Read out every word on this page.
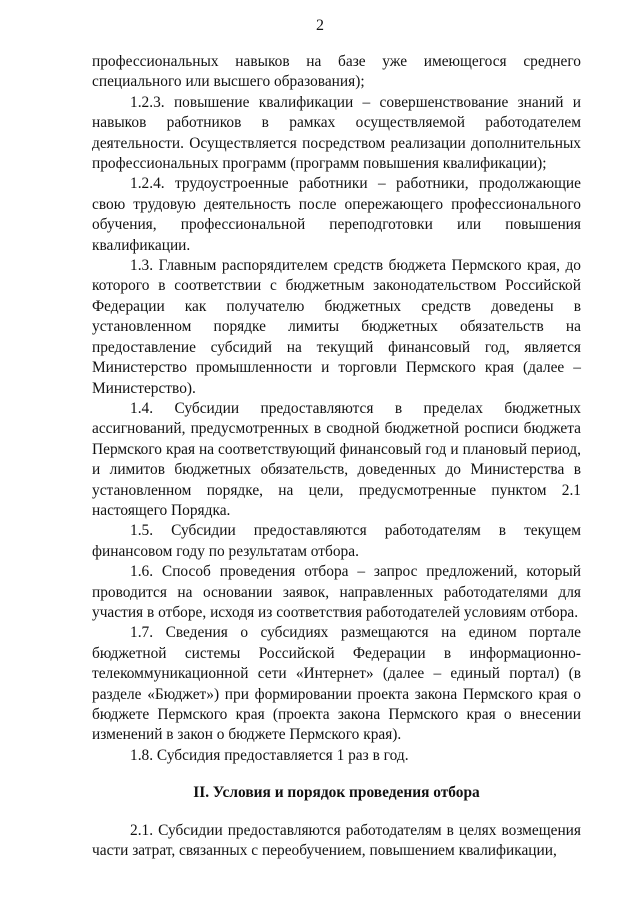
2

профессиональных навыков на базе уже имеющегося среднего специального или высшего образования);

1.2.3. повышение квалификации – совершенствование знаний и навыков работников в рамках осуществляемой работодателем деятельности. Осуществляется посредством реализации дополнительных профессиональных программ (программ повышения квалификации);

1.2.4. трудоустроенные работники – работники, продолжающие свою трудовую деятельность после опережающего профессионального обучения, профессиональной переподготовки или повышения квалификации.

1.3. Главным распорядителем средств бюджета Пермского края, до которого в соответствии с бюджетным законодательством Российской Федерации как получателю бюджетных средств доведены в установленном порядке лимиты бюджетных обязательств на предоставление субсидий на текущий финансовый год, является Министерство промышленности и торговли Пермского края (далее – Министерство).

1.4. Субсидии предоставляются в пределах бюджетных ассигнований, предусмотренных в сводной бюджетной росписи бюджета Пермского края на соответствующий финансовый год и плановый период, и лимитов бюджетных обязательств, доведенных до Министерства в установленном порядке, на цели, предусмотренные пунктом 2.1 настоящего Порядка.

1.5. Субсидии предоставляются работодателям в текущем финансовом году по результатам отбора.

1.6. Способ проведения отбора – запрос предложений, который проводится на основании заявок, направленных работодателями для участия в отборе, исходя из соответствия работодателей условиям отбора.

1.7. Сведения о субсидиях размещаются на едином портале бюджетной системы Российской Федерации в информационно-телекоммуникационной сети «Интернет» (далее – единый портал) (в разделе «Бюджет») при формировании проекта закона Пермского края о бюджете Пермского края (проекта закона Пермского края о внесении изменений в закон о бюджете Пермского края).

1.8. Субсидия предоставляется 1 раз в год.

II. Условия и порядок проведения отбора

2.1. Субсидии предоставляются работодателям в целях возмещения части затрат, связанных с переобучением, повышением квалификации,
